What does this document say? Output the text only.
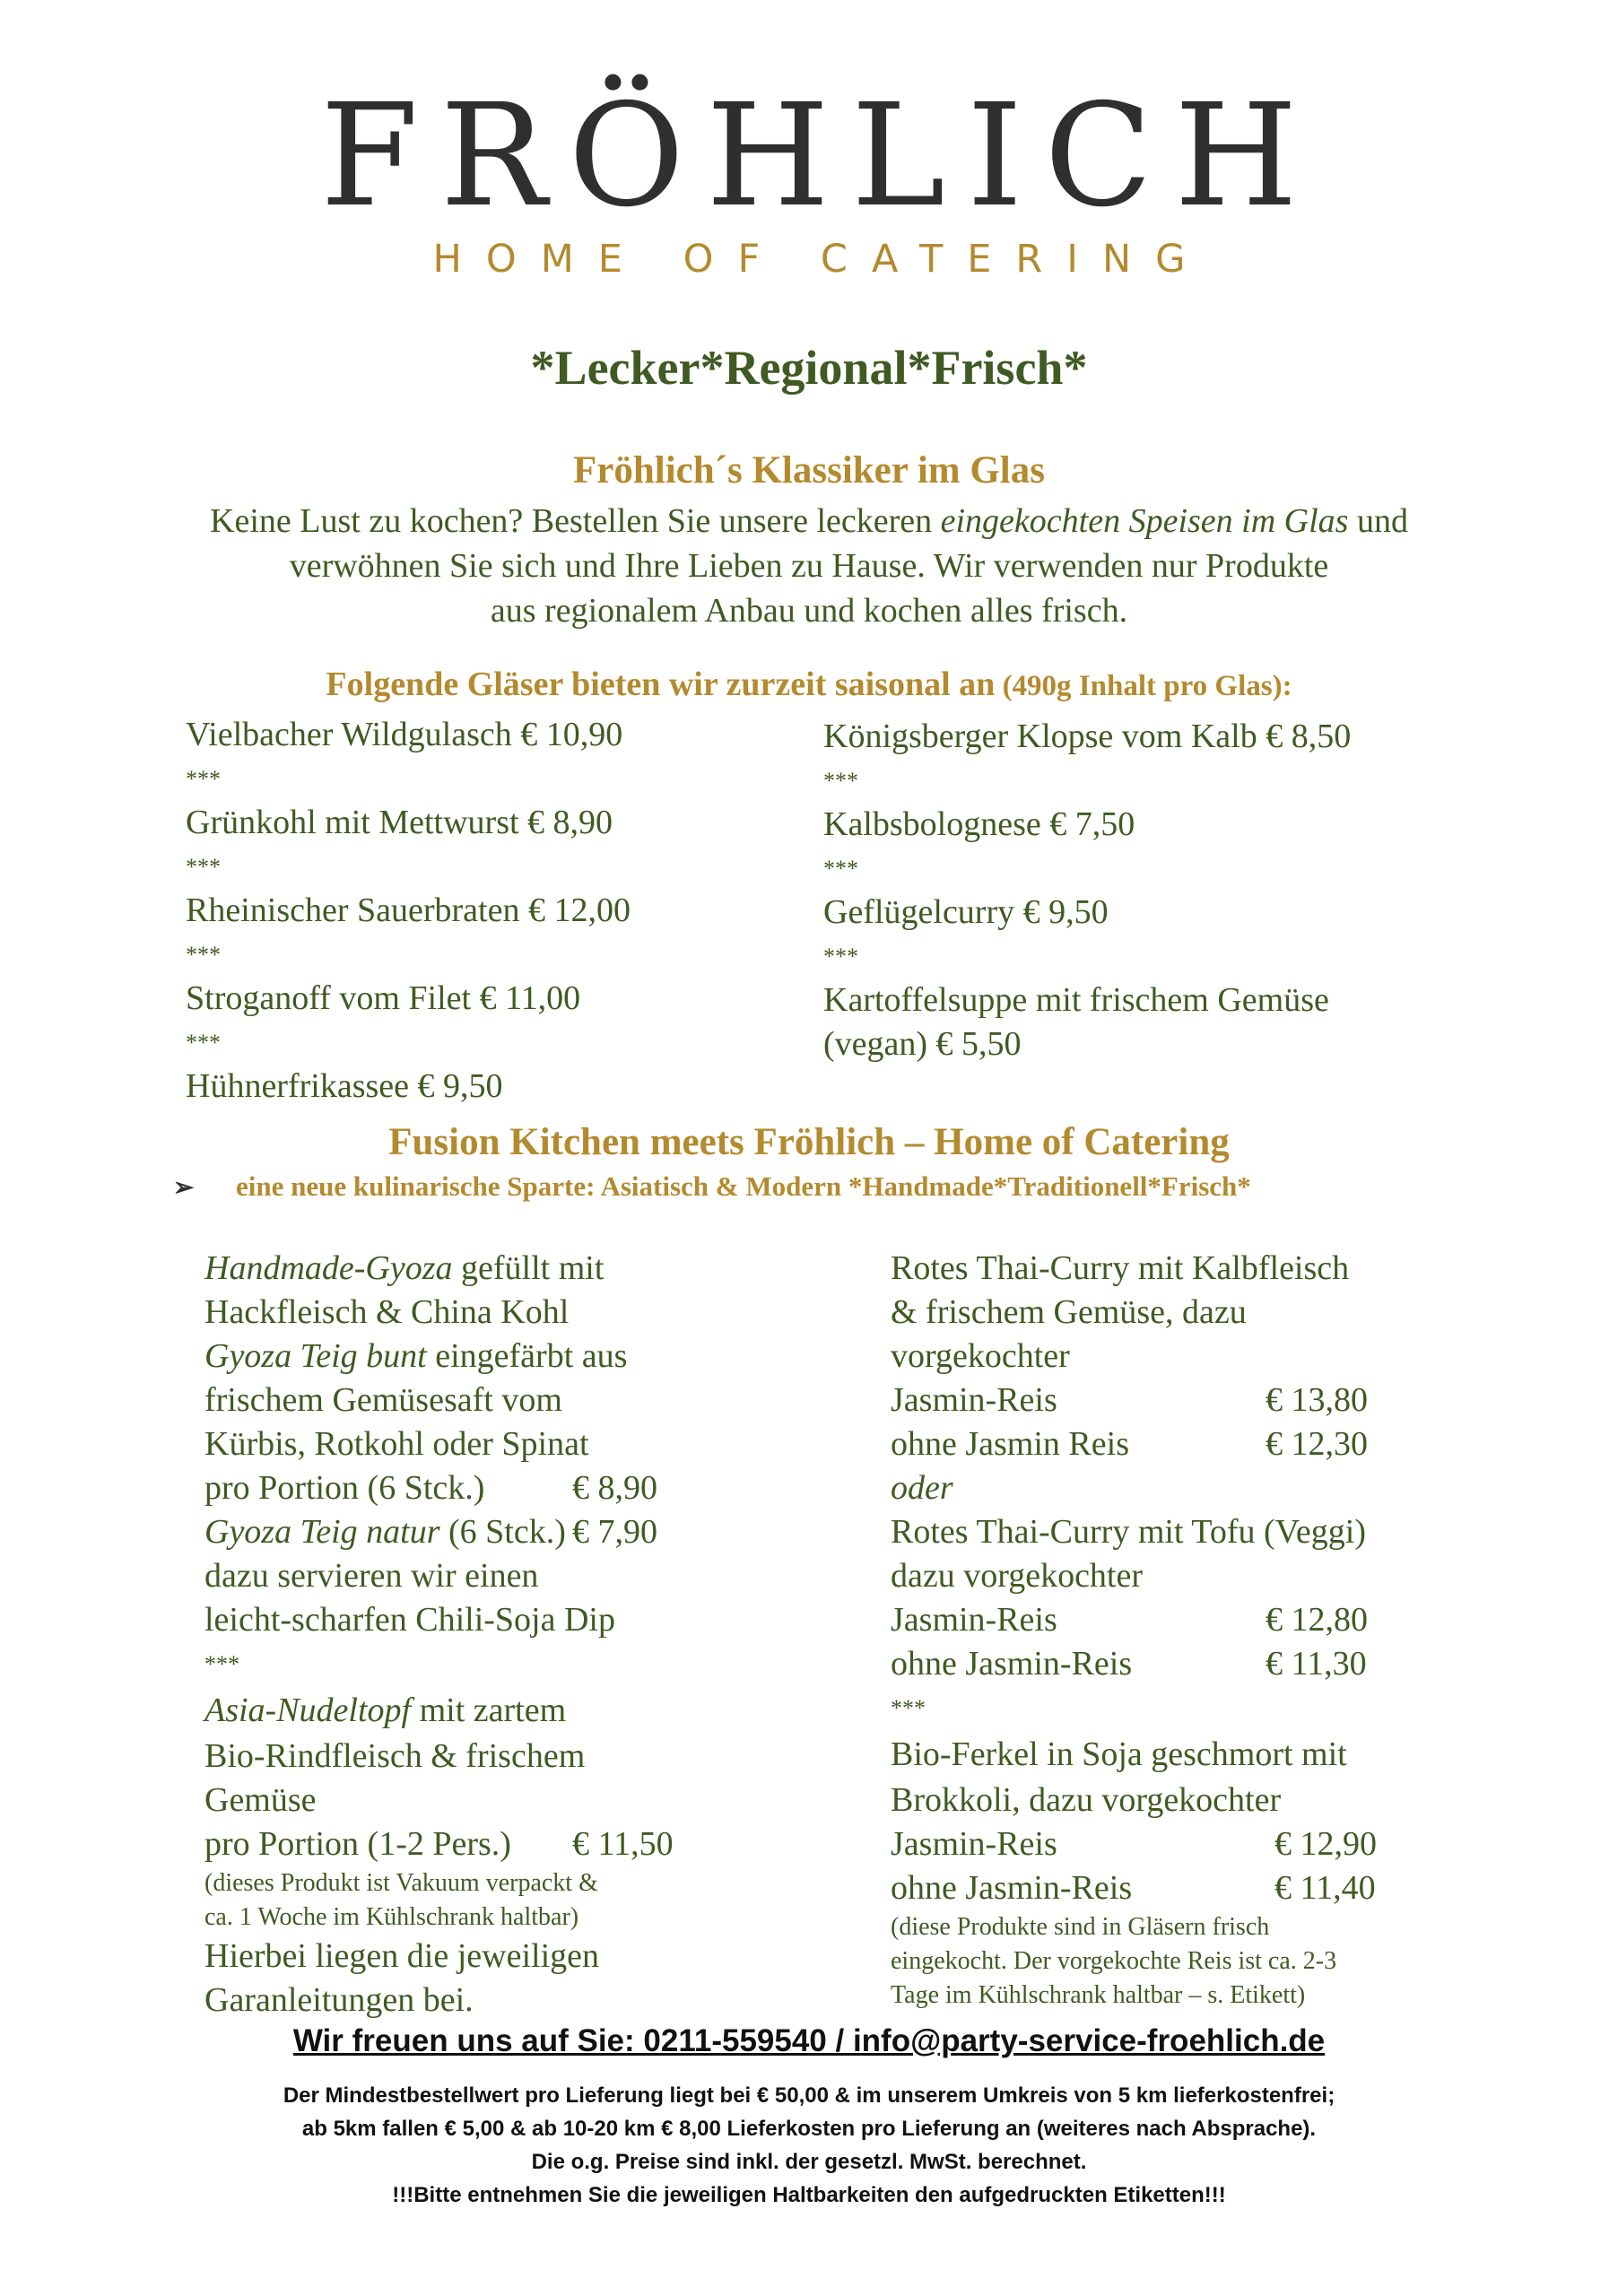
FRÖHLICH
HOME OF CATERING
*Lecker*Regional*Frisch*
Fröhlich´s Klassiker im Glas
Keine Lust zu kochen? Bestellen Sie unsere leckeren eingekochten Speisen im Glas und
verwöhnen Sie sich und Ihre Lieben zu Hause. Wir verwenden nur Produkte
aus regionalem Anbau und kochen alles frisch.
Folgende Gläser bieten wir zurzeit saisonal an (490g Inhalt pro Glas):
Vielbacher Wildgulasch € 10,90
***
Grünkohl mit Mettwurst € 8,90
***
Rheinischer Sauerbraten € 12,00
***
Stroganoff vom Filet € 11,00
***
Hühnerfrikassee € 9,50
Königsberger Klopse vom Kalb € 8,50
***
Kalbsbolognese € 7,50
***
Geflügelcurry € 9,50
***
Kartoffelsuppe mit frischem Gemüse
(vegan) € 5,50
Fusion Kitchen meets Fröhlich – Home of Catering
➢ eine neue kulinarische Sparte: Asiatisch & Modern *Handmade*Traditionell*Frisch*
Handmade-Gyoza gefüllt mit
Hackfleisch & China Kohl
Gyoza Teig bunt eingefärbt aus
frischem Gemüsesaft vom
Kürbis, Rotkohl oder Spinat
pro Portion (6 Stck.)	€ 8,90
Gyoza Teig natur (6 Stck.) € 7,90
dazu servieren wir einen
leicht-scharfen Chili-Soja Dip
***
Asia-Nudeltopf mit zartem
Bio-Rindfleisch & frischem
Gemüse
pro Portion (1-2 Pers.)	€ 11,50
(dieses Produkt ist Vakuum verpackt &
ca. 1 Woche im Kühlschrank haltbar)
Hierbei liegen die jeweiligen
Garanleitungen bei.
Rotes Thai-Curry mit Kalbfleisch
& frischem Gemüse, dazu
vorgekochter
Jasmin-Reis	€ 13,80
ohne Jasmin Reis	€ 12,30
oder
Rotes Thai-Curry mit Tofu (Veggi)
dazu vorgekochter
Jasmin-Reis	€ 12,80
ohne Jasmin-Reis	€ 11,30
***
Bio-Ferkel in Soja geschmort mit
Brokkoli, dazu vorgekochter
Jasmin-Reis	€ 12,90
ohne Jasmin-Reis	€ 11,40
(diese Produkte sind in Gläsern frisch
eingekocht. Der vorgekochte Reis ist ca. 2-3
Tage im Kühlschrank haltbar – s. Etikett)
Wir freuen uns auf Sie: 0211-559540 / info@party-service-froehlich.de
Der Mindestbestellwert pro Lieferung liegt bei € 50,00 & im unserem Umkreis von 5 km lieferkostenfrei;
ab 5km fallen € 5,00 & ab 10-20 km € 8,00 Lieferkosten pro Lieferung an (weiteres nach Absprache).
Die o.g. Preise sind inkl. der gesetzl. MwSt. berechnet.
!!!Bitte entnehmen Sie die jeweiligen Haltbarkeiten den aufgedruckten Etiketten!!!
